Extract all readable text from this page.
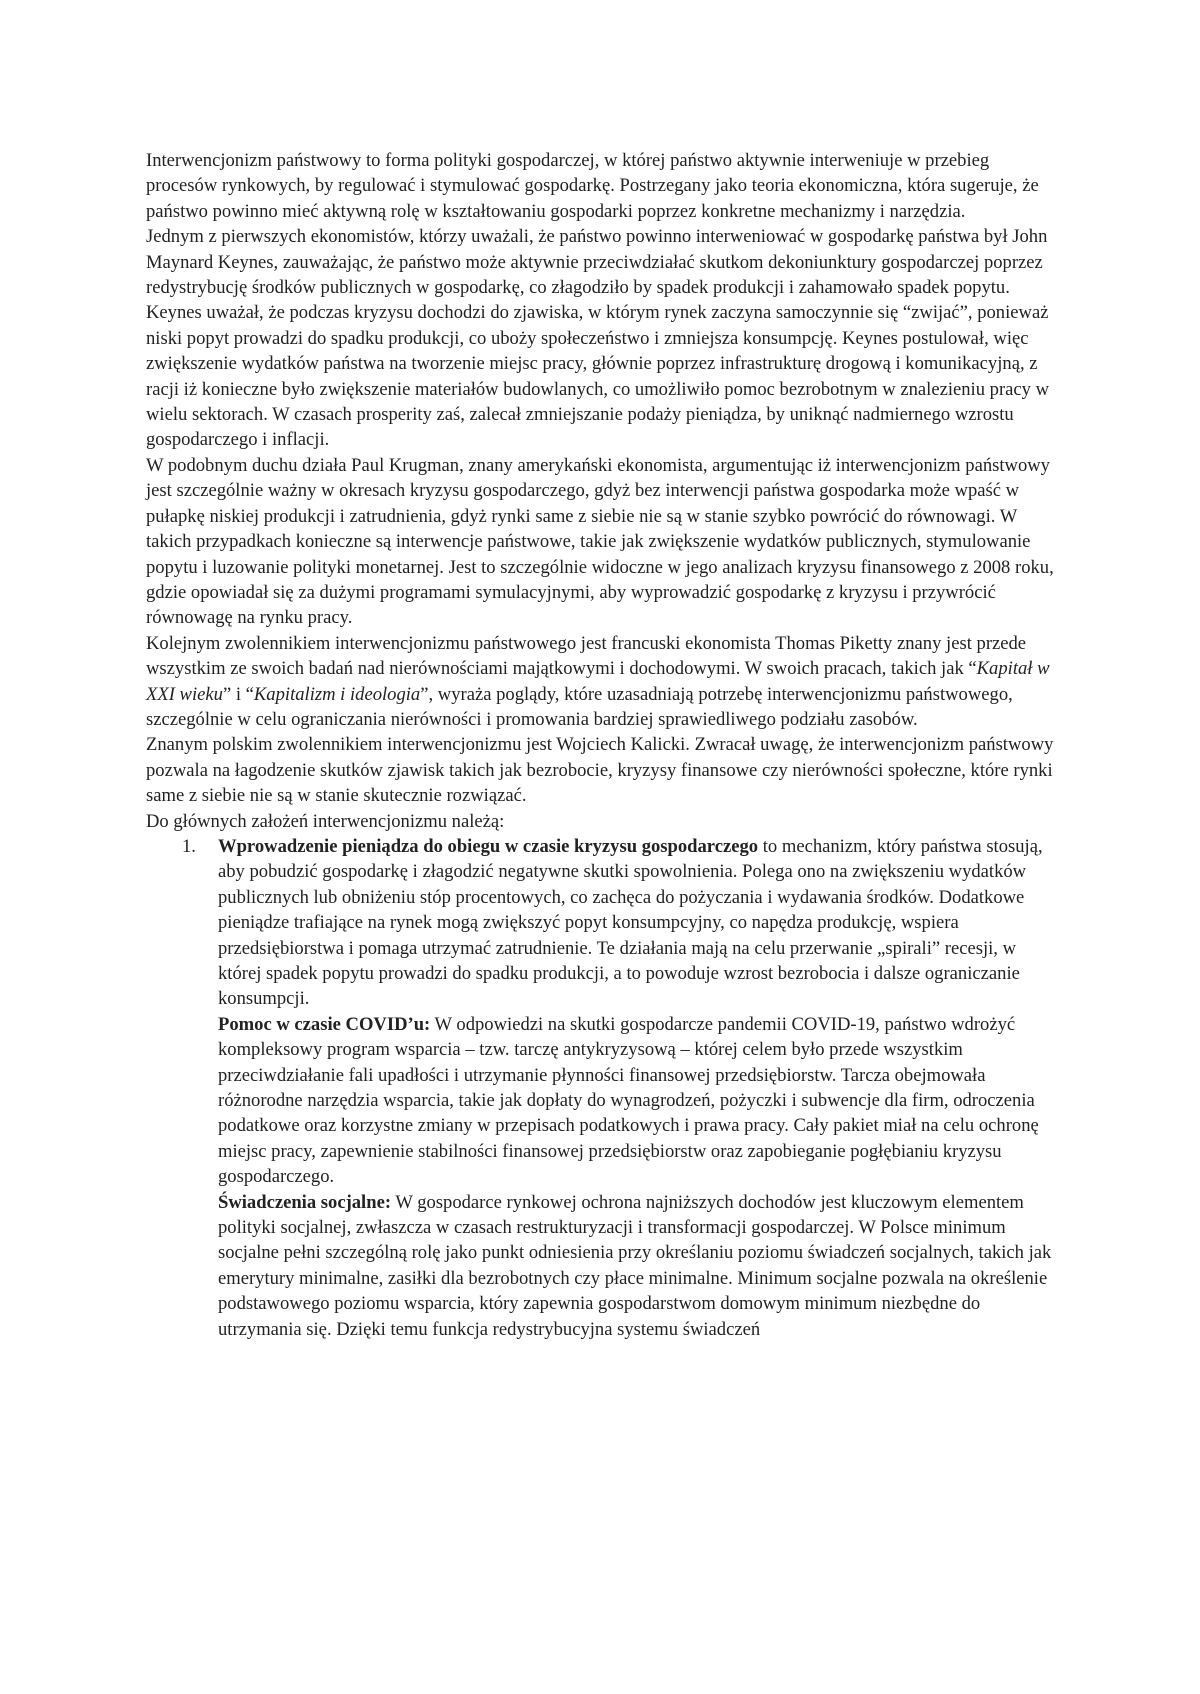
Interwencjonizm państwowy to forma polityki gospodarczej, w której państwo aktywnie interweniuje w przebieg procesów rynkowych, by regulować i stymulować gospodarkę. Postrzegany jako teoria ekonomiczna, która sugeruje, że państwo powinno mieć aktywną rolę w kształtowaniu gospodarki poprzez konkretne mechanizmy i narzędzia.

Jednym z pierwszych ekonomistów, którzy uważali, że państwo powinno interweniować w gospodarkę państwa był John Maynard Keynes, zauważając, że państwo może aktywnie przeciwdziałać skutkom dekoniunktury gospodarczej poprzez redystrybucję środków publicznych w gospodarkę, co złagodziło by spadek produkcji i zahamowało spadek popytu. Keynes uważał, że podczas kryzysu dochodzi do zjawiska, w którym rynek zaczyna samoczynnie się “zwijać”, ponieważ niski popyt prowadzi do spadku produkcji, co uboży społeczeństwo i zmniejsza konsumpcję. Keynes postulował, więc zwiększenie wydatków państwa na tworzenie miejsc pracy, głównie poprzez infrastrukturę drogową i komunikacyjną, z racji iż konieczne było zwiększenie materiałów budowlanych, co umożliwiło pomoc bezrobotnym w znalezieniu pracy w wielu sektorach. W czasach prosperity zaś, zalecał zmniejszanie podaży pieniądza, by uniknąć nadmiernego wzrostu gospodarczego i inflacji.

W podobnym duchu działa Paul Krugman, znany amerykański ekonomista, argumentując iż interwencjonizm państwowy jest szczególnie ważny w okresach kryzysu gospodarczego, gdyż bez interwencji państwa gospodarka może wpaść w pułapkę niskiej produkcji i zatrudnienia, gdyż rynki same z siebie nie są w stanie szybko powrócić do równowagi. W takich przypadkach konieczne są interwencje państwowe, takie jak zwiększenie wydatków publicznych, stymulowanie popytu i luzowanie polityki monetarnej. Jest to szczególnie widoczne w jego analizach kryzysu finansowego z 2008 roku, gdzie opowiadał się za dużymi programami symulacyjnymi, aby wyprowadzić gospodarkę z kryzysu i przywrócić równowagę na rynku pracy.

Kolejnym zwolennikiem interwencjonizmu państwowego jest francuski ekonomista Thomas Piketty znany jest przede wszystkim ze swoich badań nad nierównościami majątkowymi i dochodowymi. W swoich pracach, takich jak “Kapitał w XXI wieku” i “Kapitalizm i ideologia”, wyraża poglądy, które uzasadniają potrzebę interwencjonizmu państwowego, szczególnie w celu ograniczania nierówności i promowania bardziej sprawiedliwego podziału zasobów.

Znanym polskim zwolennikiem interwencjonizmu jest Wojciech Kalicki. Zwracał uwagę, że interwencjonizm państwowy pozwala na łagodzenie skutków zjawisk takich jak bezrobocie, kryzysy finansowe czy nierówności społeczne, które rynki same z siebie nie są w stanie skutecznie rozwiązać.

Do głównych założeń interwencjonizmu należą:

1. Wprowadzenie pieniądza do obiegu w czasie kryzysu gospodarczego to mechanizm, który państwa stosują, aby pobudzić gospodarkę i złagodzić negatywne skutki spowolnienia. Polega ono na zwiększeniu wydatków publicznych lub obniżeniu stóp procentowych, co zachęca do pożyczania i wydawania środków. Dodatkowe pieniądze trafiające na rynek mogą zwiększyć popyt konsumpcyjny, co napędza produkcję, wspiera przedsiębiorstwa i pomaga utrzymać zatrudnienie. Te działania mają na celu przerwanie „spirali” recesji, w której spadek popytu prowadzi do spadku produkcji, a to powoduje wzrost bezrobocia i dalsze ograniczanie konsumpcji.

Pomoc w czasie COVID’u: W odpowiedzi na skutki gospodarcze pandemii COVID-19, państwo wdrożyć kompleksowy program wsparcia – tzw. tarczę antykryzysową – której celem było przede wszystkim przeciwdziałanie fali upadłości i utrzymanie płynności finansowej przedsiębiorstw. Tarcza obejmowała różnorodne narzędzia wsparcia, takie jak dopłaty do wynagrodzeń, pożyczki i subwencje dla firm, odroczenia podatkowe oraz korzystne zmiany w przepisach podatkowych i prawa pracy. Cały pakiet miał na celu ochronę miejsc pracy, zapewnienie stabilności finansowej przedsiębiorstw oraz zapobieganie pogłębianiu kryzysu gospodarczego.

Świadczenia socjalne: W gospodarce rynkowej ochrona najniższych dochodów jest kluczowym elementem polityki socjalnej, zwłaszcza w czasach restrukturyzacji i transformacji gospodarczej. W Polsce minimum socjalne pełni szczególną rolę jako punkt odniesienia przy określaniu poziomu świadczeń socjalnych, takich jak emerytury minimalne, zasiłki dla bezrobotnych czy płace minimalne. Minimum socjalne pozwala na określenie podstawowego poziomu wsparcia, który zapewnia gospodarstwom domowym minimum niezbędne do utrzymania się. Dzięki temu funkcja redystrybucyjna systemu świadczeń
